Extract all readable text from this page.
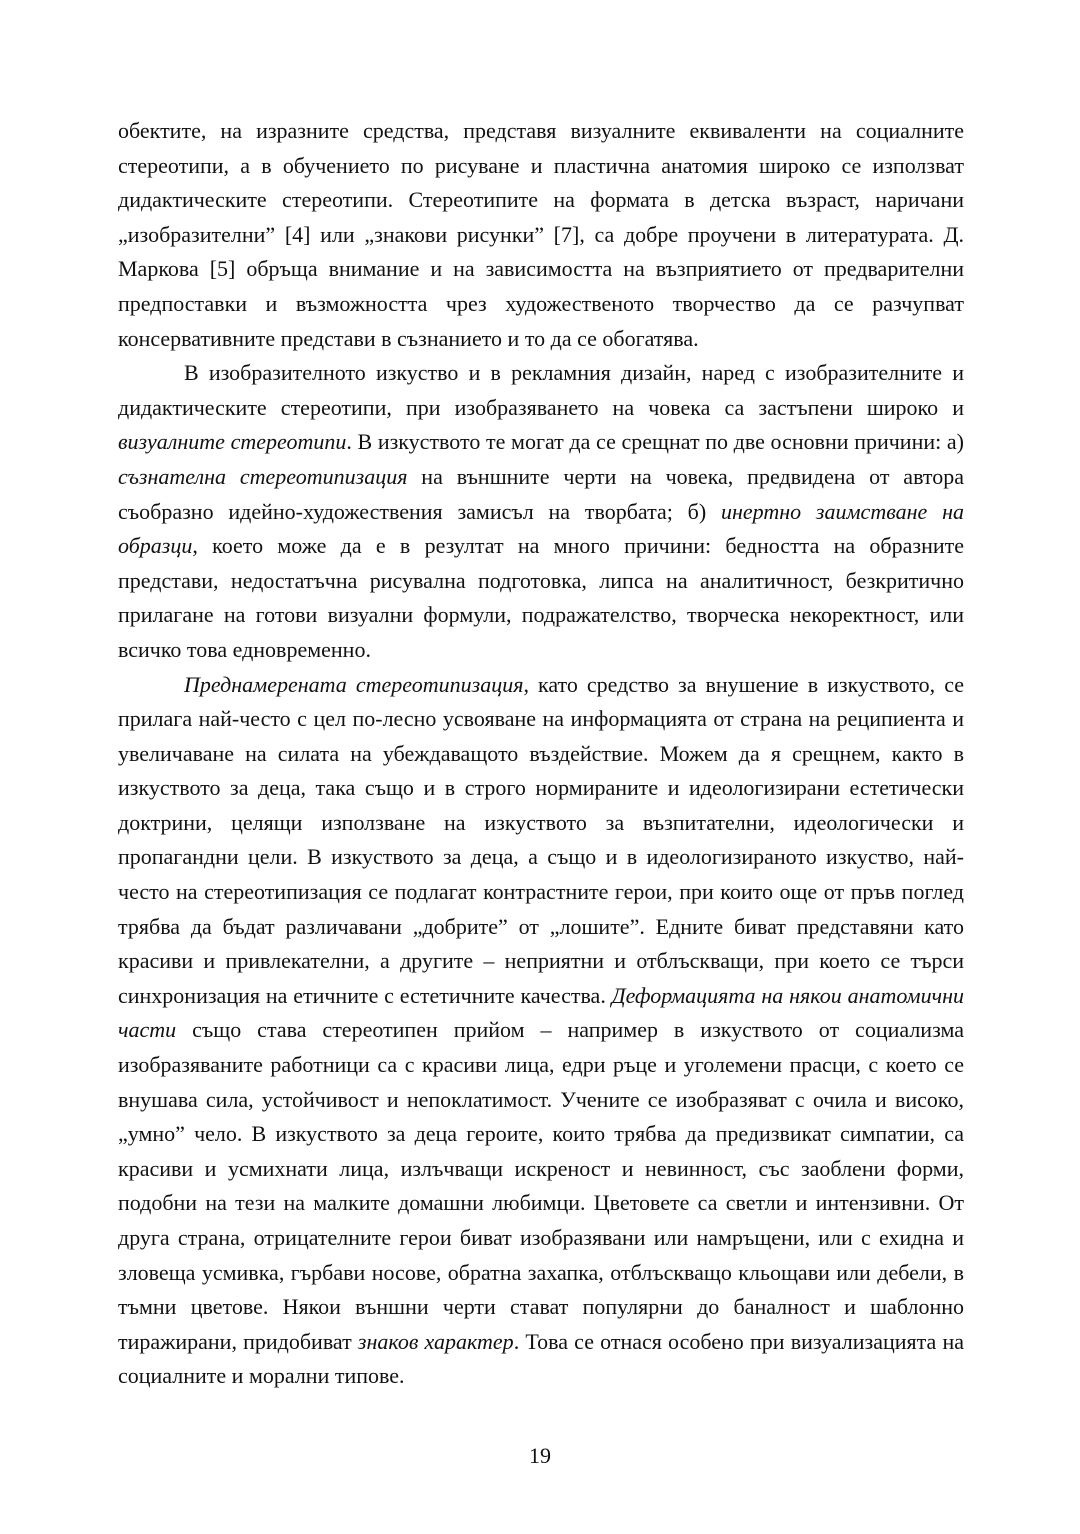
обектите, на изразните средства, представя визуалните еквиваленти на социалните стереотипи, а в обучението по рисуване и пластична анатомия широко се използват дидактическите стереотипи. Стереотипите на формата в детска възраст, наричани „изобразителни” [4] или „знакови рисунки” [7], са добре проучени в литературата. Д. Маркова [5] обръща внимание и на зависимостта на възприятието от предварителни предпоставки и възможността чрез художественото творчество да се разчупват консервативните представи в съзнанието и то да се обогатява.

В изобразителното изкуство и в рекламния дизайн, наред с изобразителните и дидактическите стереотипи, при изобразяването на човека са застъпени широко и визуалните стереотипи. В изкуството те могат да се срещнат по две основни причини: а) съзнателна стереотипизация на външните черти на човека, предвидена от автора съобразно идейно-художествения замисъл на творбата; б) инертно заимстване на образци, което може да е в резултат на много причини: бедността на образните представи, недостатъчна рисувална подготовка, липса на аналитичност, безкритично прилагане на готови визуални формули, подражателство, творческа некоректност, или всичко това едновременно.

Преднамерената стереотипизация, като средство за внушение в изкуството, се прилага най-често с цел по-лесно усвояване на информацията от страна на реципиента и увеличаване на силата на убеждаващото въздействие. Можем да я срещнем, както в изкуството за деца, така също и в строго нормираните и идеологизирани естетически доктрини, целящи използване на изкуството за възпитателни, идеологически и пропагандни цели. В изкуството за деца, а също и в идеологизираното изкуство, най-често на стереотипизация се подлагат контрастните герои, при които още от пръв поглед трябва да бъдат различавани „добрите” от „лошите”. Едните биват представяни като красиви и привлекателни, а другите – неприятни и отблъскващи, при което се търси синхронизация на етичните с естетичните качества. Деформацията на някои анатомични части също става стереотипен прийом – например в изкуството от социализма изобразяваните работници са с красиви лица, едри ръце и уголемени прасци, с което се внушава сила, устойчивост и непоклатимост. Учените се изобразяват с очила и високо, „умно” чело. В изкуството за деца героите, които трябва да предизвикат симпатии, са красиви и усмихнати лица, излъчващи искреност и невинност, със заоблени форми, подобни на тези на малките домашни любимци. Цветовете са светли и интензивни. От друга страна, отрицателните герои биват изобразявани или намръщени, или с ехидна и зловеща усмивка, гърбави носове, обратна захапка, отблъскващо кльощави или дебели, в тъмни цветове. Някои външни черти стават популярни до баналност и шаблонно тиражирани, придобиват знаков характер. Това се отнася особено при визуализацията на социалните и морални типове.

19
